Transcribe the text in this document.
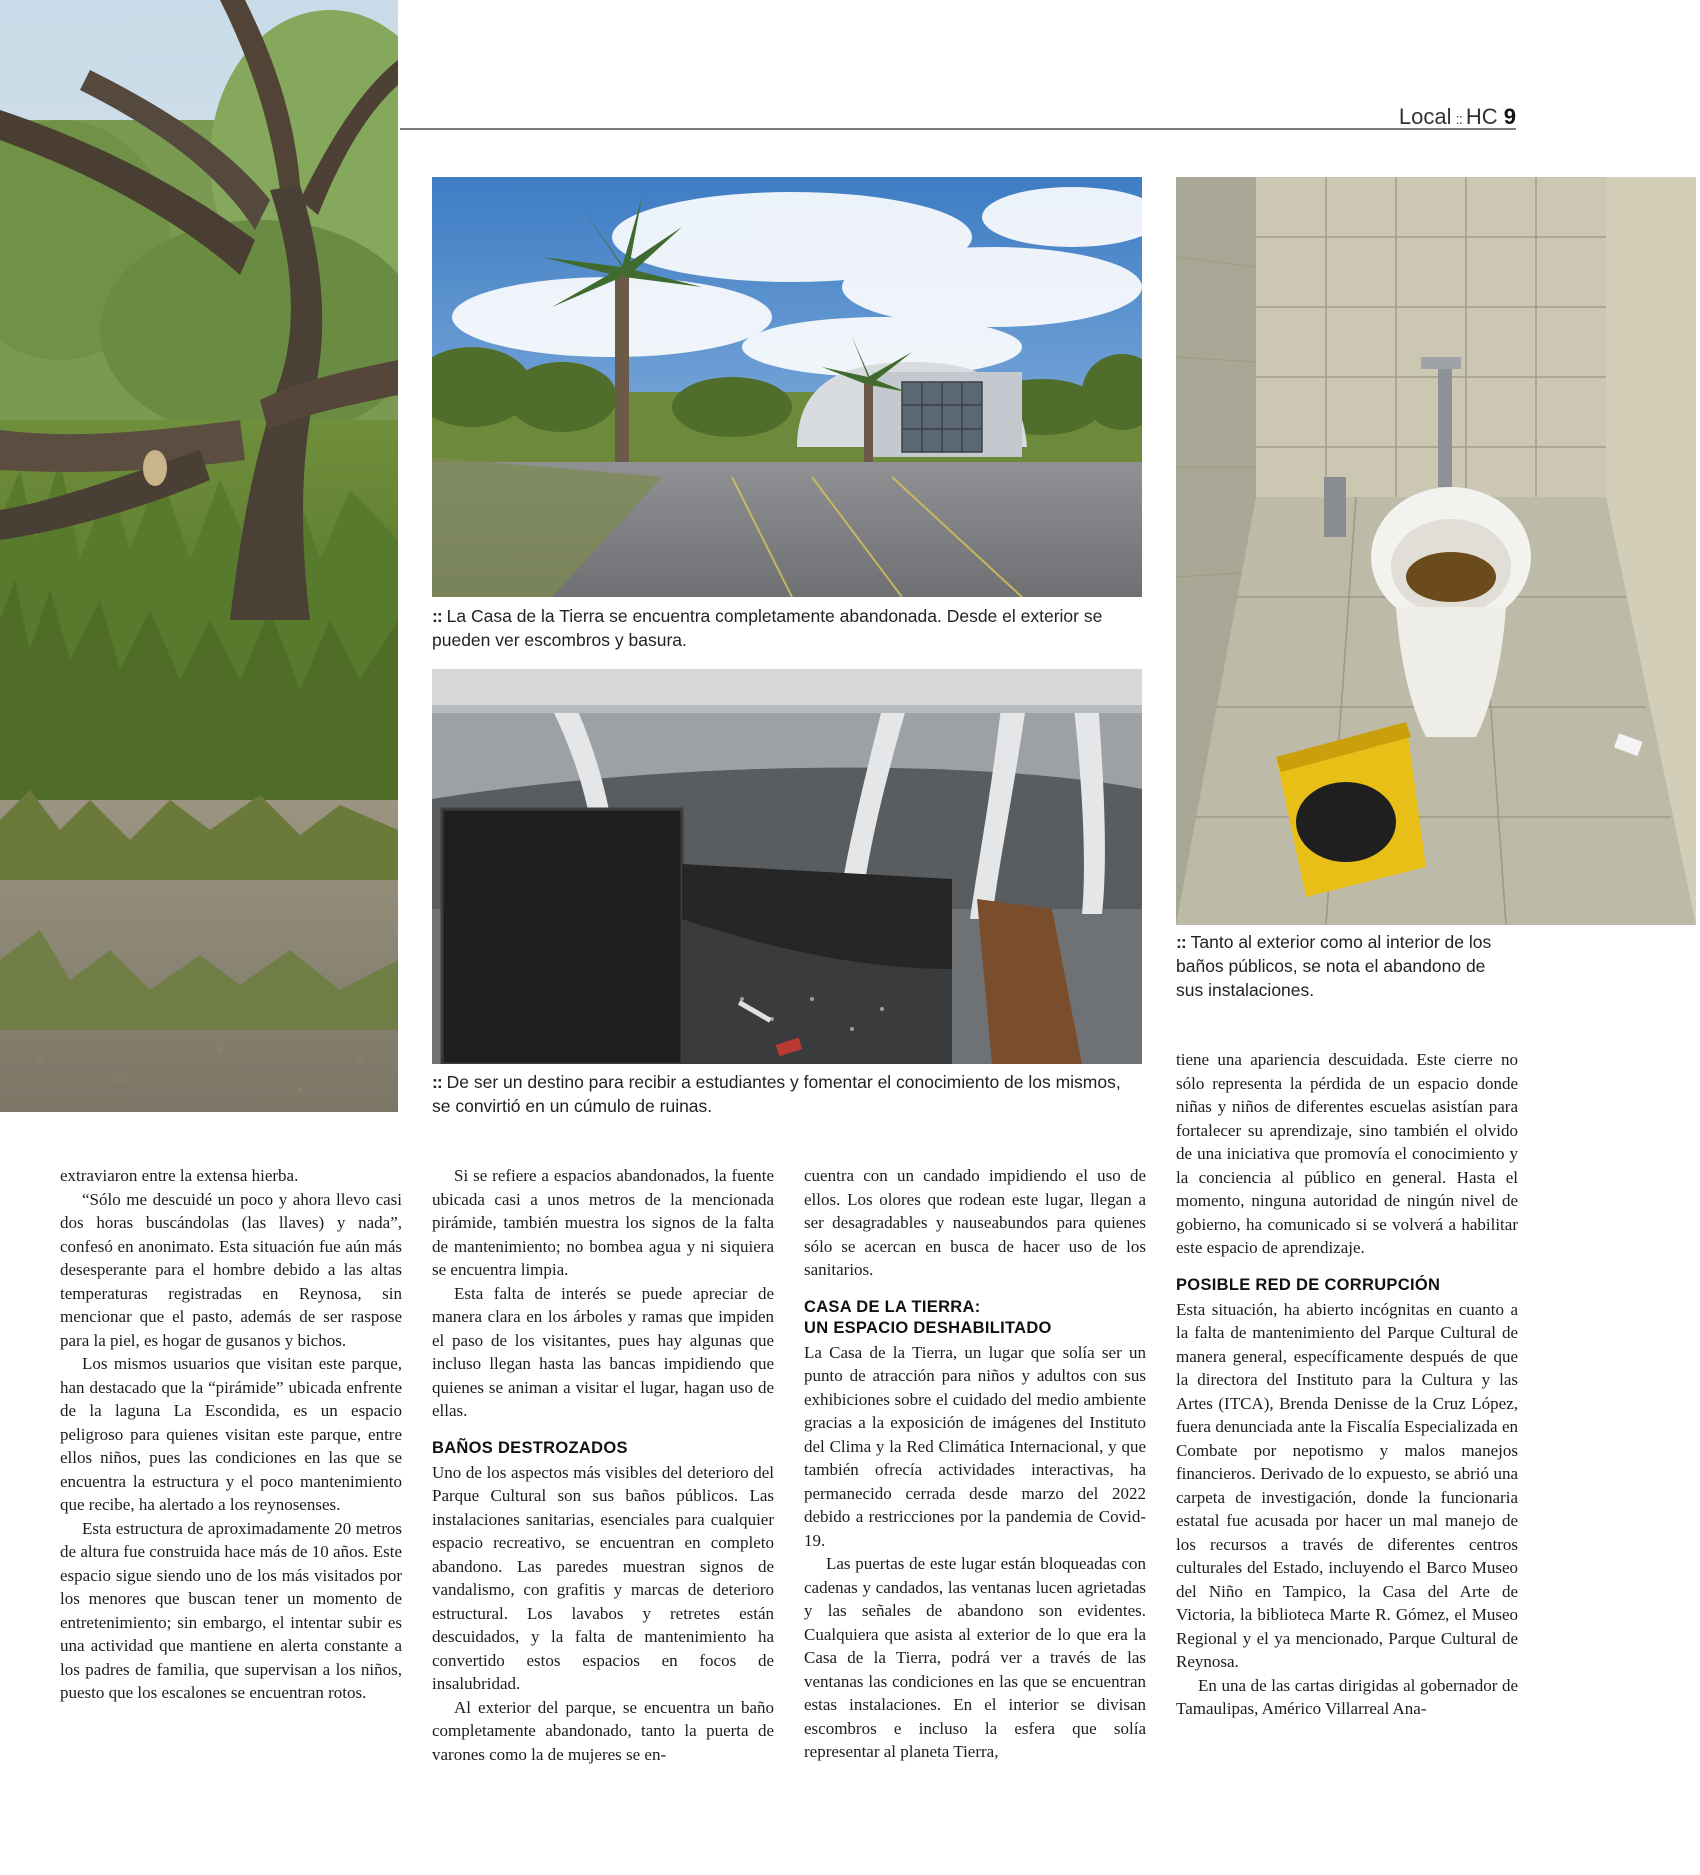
Local :: HC 9
:: La Casa de la Tierra se encuentra completamente abandonada. Desde el exterior se pueden ver escombros y basura.
:: De ser un destino para recibir a estudiantes y fomentar el conocimiento de los mismos, se convirtió en un cúmulo de ruinas.
:: Tanto al exterior como al interior de los baños públicos, se nota el abandono de sus instalaciones.

extraviaron entre la extensa hierba.

“Sólo me descuidé un poco y ahora llevo casi dos horas buscándolas (las llaves) y nada”, confesó en anonimato. Esta situación fue aún más desesperante para el hombre debido a las altas temperaturas registradas en Reynosa, sin mencionar que el pasto, además de ser raspose para la piel, es hogar de gusanos y bichos.

Los mismos usuarios que visitan este parque, han destacado que la “pirámide” ubicada enfrente de la laguna La Escondida, es un espacio peligroso para quienes visitan este parque, entre ellos niños, pues las condiciones en las que se encuentra la estructura y el poco mantenimiento que recibe, ha alertado a los reynosenses.

Esta estructura de aproximadamente 20 metros de altura fue construida hace más de 10 años. Este espacio sigue siendo uno de los más visitados por los menores que buscan tener un momento de entretenimiento; sin embargo, el intentar subir es una actividad que mantiene en alerta constante a los padres de familia, que supervisan a los niños, puesto que los escalones se encuentran rotos.

Si se refiere a espacios abandonados, la fuente ubicada casi a unos metros de la mencionada pirámide, también muestra los signos de la falta de mantenimiento; no bombea agua y ni siquiera se encuentra limpia.

Esta falta de interés se puede apreciar de manera clara en los árboles y ramas que impiden el paso de los visitantes, pues hay algunas que incluso llegan hasta las bancas impidiendo que quienes se animan a visitar el lugar, hagan uso de ellas.

BAÑOS DESTROZADOS

Uno de los aspectos más visibles del deterioro del Parque Cultural son sus baños públicos. Las instalaciones sanitarias, esenciales para cualquier espacio recreativo, se encuentran en completo abandono. Las paredes muestran signos de vandalismo, con grafitis y marcas de deterioro estructural. Los lavabos y retretes están descuidados, y la falta de mantenimiento ha convertido estos espacios en focos de insalubridad.

Al exterior del parque, se encuentra un baño completamente abandonado, tanto la puerta de varones como la de mujeres se en-

cuentra con un candado impidiendo el uso de ellos. Los olores que rodean este lugar, llegan a ser desagradables y nauseabundos para quienes sólo se acercan en busca de hacer uso de los sanitarios.

CASA DE LA TIERRA:
UN ESPACIO DESHABILITADO

La Casa de la Tierra, un lugar que solía ser un punto de atracción para niños y adultos con sus exhibiciones sobre el cuidado del medio ambiente gracias a la exposición de imágenes del Instituto del Clima y la Red Climática Internacional, y que también ofrecía actividades interactivas, ha permanecido cerrada desde marzo del 2022 debido a restricciones por la pandemia de Covid-19.

Las puertas de este lugar están bloqueadas con cadenas y candados, las ventanas lucen agrietadas y las señales de abandono son evidentes. Cualquiera que asista al exterior de lo que era la Casa de la Tierra, podrá ver a través de las ventanas las condiciones en las que se encuentran estas instalaciones. En el interior se divisan escombros e incluso la esfera que solía representar al planeta Tierra,

tiene una apariencia descuidada. Este cierre no sólo representa la pérdida de un espacio donde niñas y niños de diferentes escuelas asistían para fortalecer su aprendizaje, sino también el olvido de una iniciativa que promovía el conocimiento y la conciencia al público en general. Hasta el momento, ninguna autoridad de ningún nivel de gobierno, ha comunicado si se volverá a habilitar este espacio de aprendizaje.

POSIBLE RED DE CORRUPCIÓN

Esta situación, ha abierto incógnitas en cuanto a la falta de mantenimiento del Parque Cultural de manera general, específicamente después de que la directora del Instituto para la Cultura y las Artes (ITCA), Brenda Denisse de la Cruz López, fuera denunciada ante la Fiscalía Especializada en Combate por nepotismo y malos manejos financieros. Derivado de lo expuesto, se abrió una carpeta de investigación, donde la funcionaria estatal fue acusada por hacer un mal manejo de los recursos a través de diferentes centros culturales del Estado, incluyendo el Barco Museo del Niño en Tampico, la Casa del Arte de Victoria, la biblioteca Marte R. Gómez, el Museo Regional y el ya mencionado, Parque Cultural de Reynosa.

En una de las cartas dirigidas al gobernador de Tamaulipas, Américo Villarreal Ana-
